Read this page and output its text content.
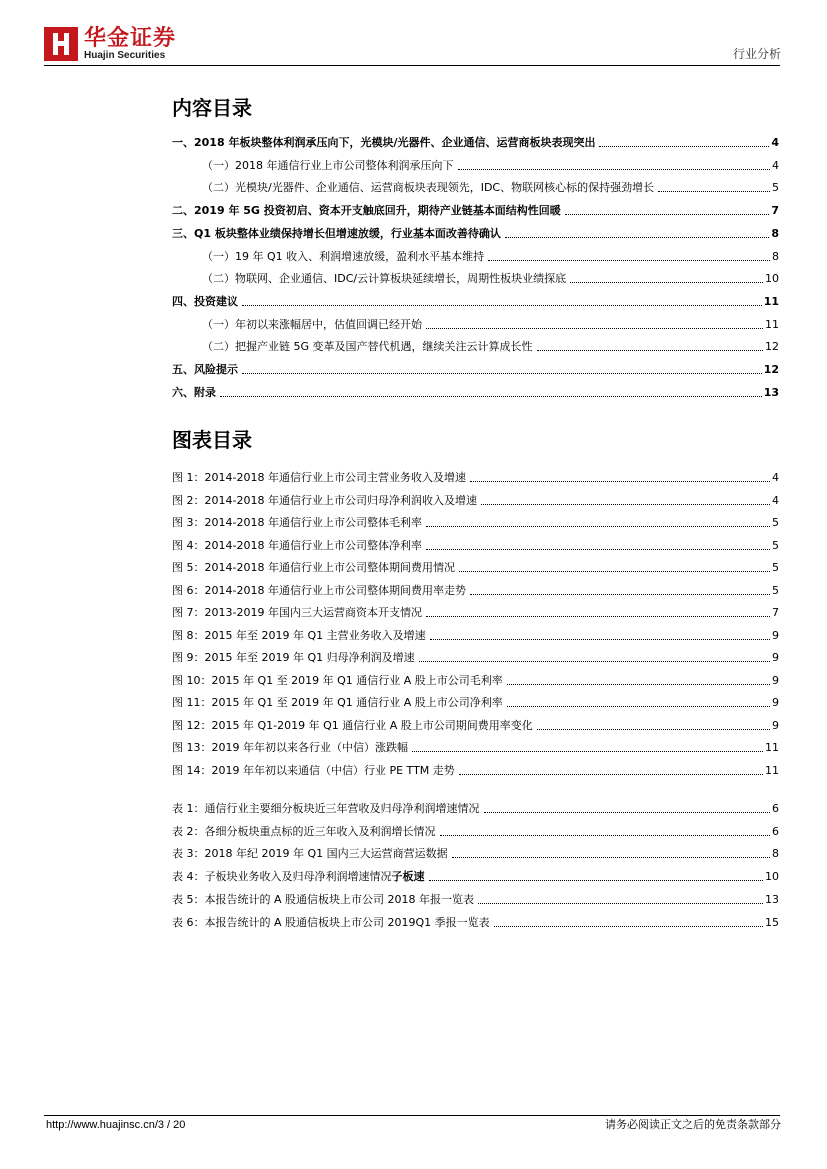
华金证券
Huajin Securities	行业分析
内容目录
一、2018 年板块整体利润承压向下，光模块/光器件、企业通信、运营商板块表现突出	4
（一）2018 年通信行业上市公司整体利润承压向下	4
（二）光模块/光器件、企业通信、运营商板块表现领先，IDC、物联网核心标的保持强劲增长	5
二、2019 年 5G 投资初启、资本开支触底回升，期待产业链基本面结构性回暖	7
三、Q1 板块整体业绩保持增长但增速放缓，行业基本面改善待确认	8
（一）19 年 Q1 收入、利润增速放缓，盈利水平基本维持	8
（二）物联网、企业通信、IDC/云计算板块延续增长，周期性板块业绩探底	10
四、投资建议	11
（一）年初以来涨幅居中，估值回调已经开始	11
（二）把握产业链 5G 变革及国产替代机遇，继续关注云计算成长性	12
五、风险提示	12
六、附录	13
图表目录
图 1：2014-2018 年通信行业上市公司主营业务收入及增速	4
图 2：2014-2018 年通信行业上市公司归母净利润收入及增速	4
图 3：2014-2018 年通信行业上市公司整体毛利率	5
图 4：2014-2018 年通信行业上市公司整体净利率	5
图 5：2014-2018 年通信行业上市公司整体期间费用情况	5
图 6：2014-2018 年通信行业上市公司整体期间费用率走势	5
图 7：2013-2019 年国内三大运营商资本开支情况	7
图 8：2015 年至 2019 年 Q1 主营业务收入及增速	9
图 9：2015 年至 2019 年 Q1 归母净利润及增速	9
图 10：2015 年 Q1 至 2019 年 Q1 通信行业 A 股上市公司毛利率	9
图 11：2015 年 Q1 至 2019 年 Q1 通信行业 A 股上市公司净利率	9
图 12：2015 年 Q1-2019 年 Q1 通信行业 A 股上市公司期间费用率变化	9
图 13：2019 年年初以来各行业（中信）涨跌幅	11
图 14：2019 年年初以来通信（中信）行业 PE TTM 走势	11
表 1：通信行业主要细分板块近三年营收及归母净利润增速情况	6
表 2：各细分板块重点标的近三年收入及利润增长情况	6
表 3：2018 年纪 2019 年 Q1 国内三大运营商营运数据	8
表 4：子板块业务收入及归母净利润增速情况子板速	10
表 5：本报告统计的 A 股通信板块上市公司 2018 年报一览表	13
表 6：本报告统计的 A 股通信板块上市公司 2019Q1 季报一览表	15
http://www.huajinsc.cn/3 / 20	请务必阅读正文之后的免责条款部分
